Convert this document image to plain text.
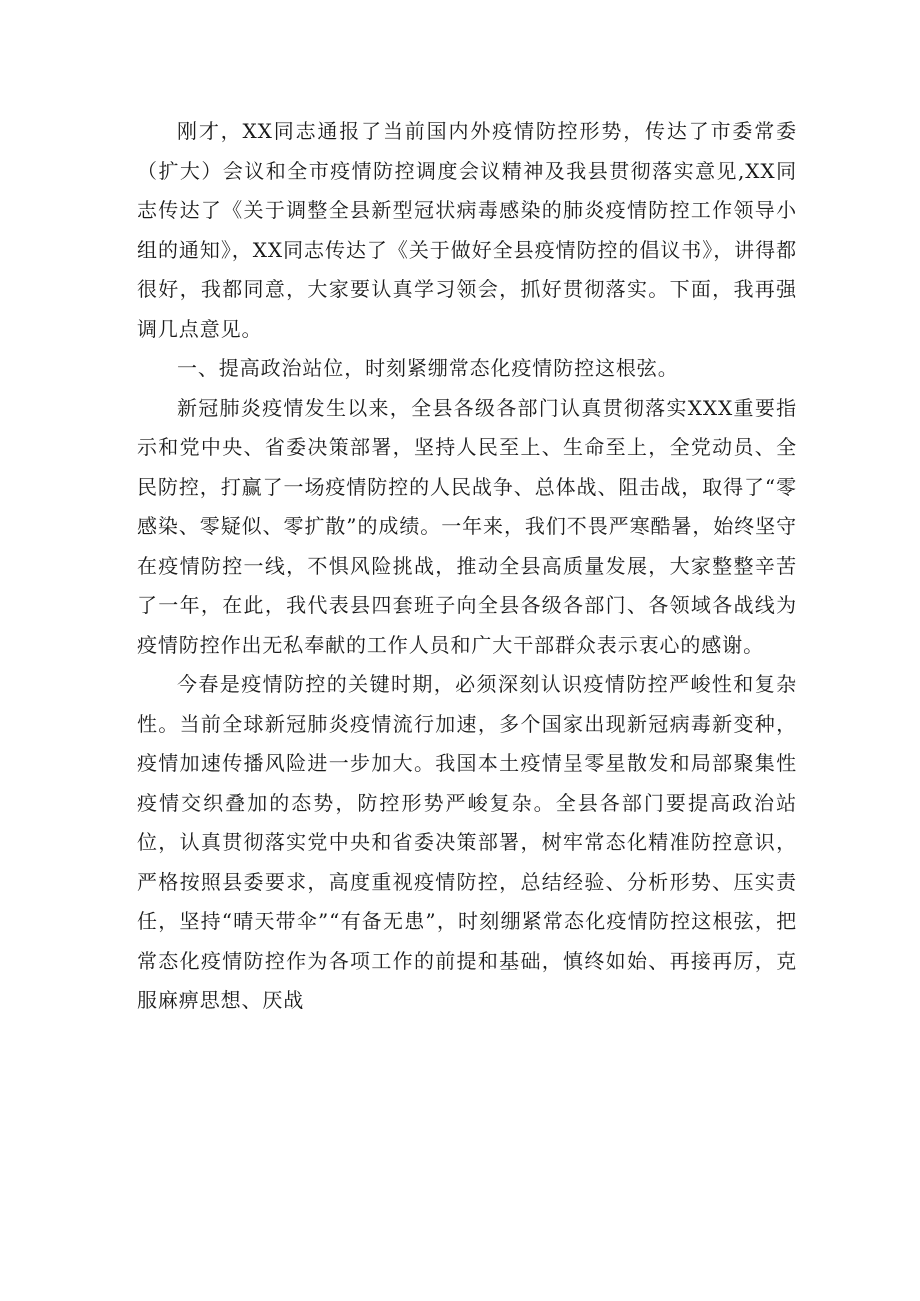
刚才，XX同志通报了当前国内外疫情防控形势，传达了市委常委（扩大）会议和全市疫情防控调度会议精神及我县贯彻落实意见,XX同志传达了《关于调整全县新型冠状病毒感染的肺炎疫情防控工作领导小组的通知》，XX同志传达了《关于做好全县疫情防控的倡议书》，讲得都很好，我都同意，大家要认真学习领会，抓好贯彻落实。下面，我再强调几点意见。

一、提高政治站位，时刻紧绷常态化疫情防控这根弦。

新冠肺炎疫情发生以来，全县各级各部门认真贯彻落实XXX重要指示和党中央、省委决策部署，坚持人民至上、生命至上，全党动员、全民防控，打赢了一场疫情防控的人民战争、总体战、阻击战，取得了“零感染、零疑似、零扩散”的成绩。一年来，我们不畏严寒酷暑，始终坚守在疫情防控一线，不惧风险挑战，推动全县高质量发展，大家整整辛苦了一年，在此，我代表县四套班子向全县各级各部门、各领域各战线为疫情防控作出无私奉献的工作人员和广大干部群众表示衷心的感谢。

今春是疫情防控的关键时期，必须深刻认识疫情防控严峻性和复杂性。当前全球新冠肺炎疫情流行加速，多个国家出现新冠病毒新变种，疫情加速传播风险进一步加大。我国本土疫情呈零星散发和局部聚集性疫情交织叠加的态势，防控形势严峻复杂。全县各部门要提高政治站位，认真贯彻落实党中央和省委决策部署，树牢常态化精准防控意识，严格按照县委要求，高度重视疫情防控，总结经验、分析形势、压实责任，坚持“晴天带伞”“有备无患”，时刻绷紧常态化疫情防控这根弦，把常态化疫情防控作为各项工作的前提和基础，慎终如始、再接再厉，克服麻痹思想、厌战
